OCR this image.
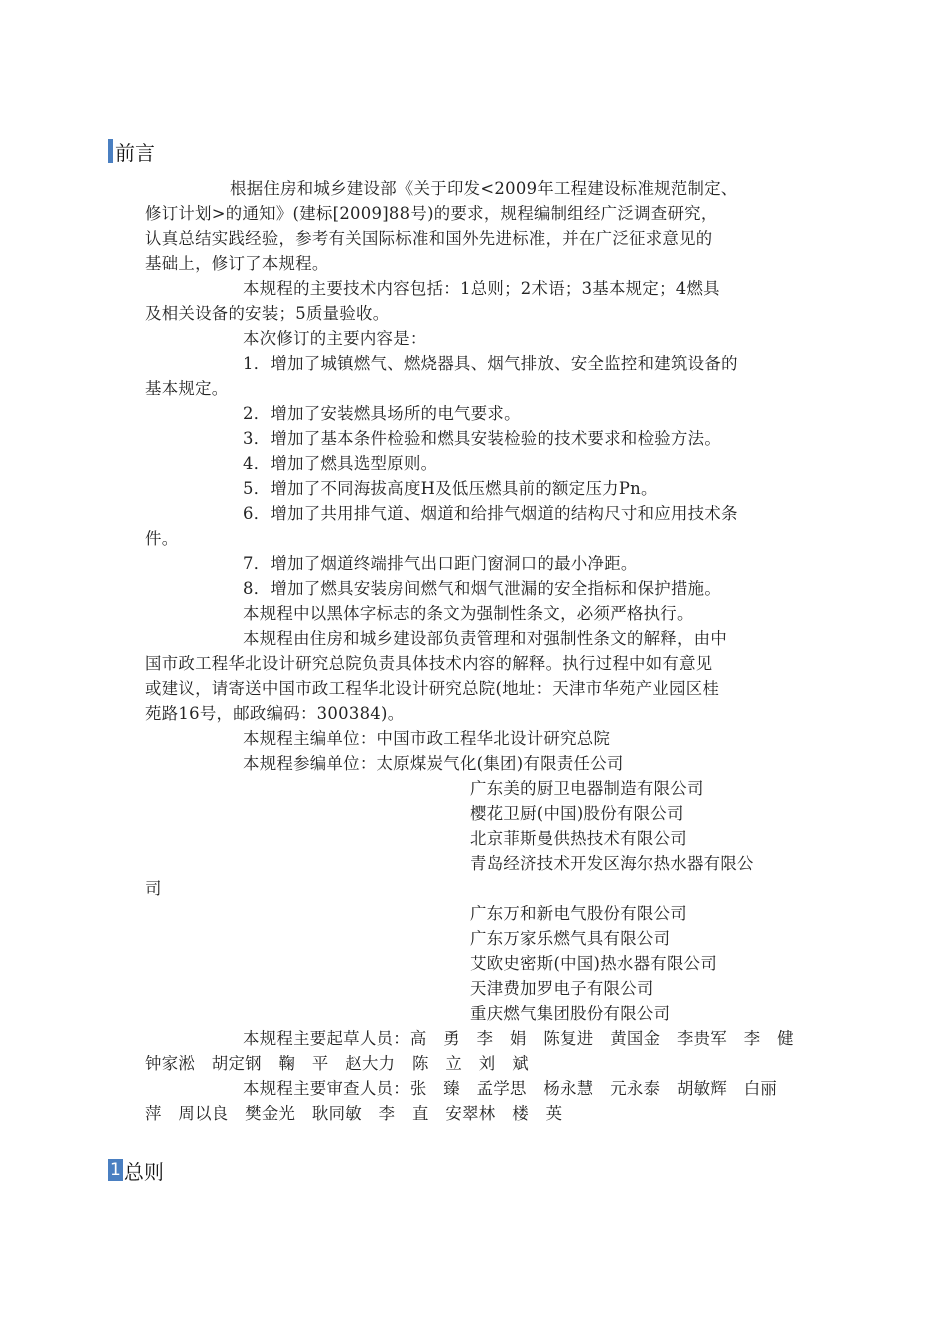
前言
根据住房和城乡建设部《关于印发<2009年工程建设标准规范制定、
修订计划>的通知》(建标[2009]88号)的要求，规程编制组经广泛调查研究，
认真总结实践经验，参考有关国际标准和国外先进标准，并在广泛征求意见的
基础上，修订了本规程。
本规程的主要技术内容包括：1总则；2术语；3基本规定；4燃具
及相关设备的安装；5质量验收。
本次修订的主要内容是：
1．增加了城镇燃气、燃烧器具、烟气排放、安全监控和建筑设备的
基本规定。
2．增加了安装燃具场所的电气要求。
3．增加了基本条件检验和燃具安装检验的技术要求和检验方法。
4．增加了燃具选型原则。
5．增加了不同海拔高度H及低压燃具前的额定压力Pn。
6．增加了共用排气道、烟道和给排气烟道的结构尺寸和应用技术条
件。
7．增加了烟道终端排气出口距门窗洞口的最小净距。
8．增加了燃具安装房间燃气和烟气泄漏的安全指标和保护措施。
本规程中以黑体字标志的条文为强制性条文，必须严格执行。
本规程由住房和城乡建设部负责管理和对强制性条文的解释，由中
国市政工程华北设计研究总院负责具体技术内容的解释。执行过程中如有意见
或建议，请寄送中国市政工程华北设计研究总院(地址：天津市华苑产业园区桂
苑路16号，邮政编码：300384)。
本规程主编单位：中国市政工程华北设计研究总院
本规程参编单位：太原煤炭气化(集团)有限责任公司
广东美的厨卫电器制造有限公司
樱花卫厨(中国)股份有限公司
北京菲斯曼供热技术有限公司
青岛经济技术开发区海尔热水器有限公
司
广东万和新电气股份有限公司
广东万家乐燃气具有限公司
艾欧史密斯(中国)热水器有限公司
天津费加罗电子有限公司
重庆燃气集团股份有限公司
本规程主要起草人员：高　勇　李　娟　陈复进　黄国金　李贵军　李　健
钟家淞　胡定钢　鞠　平　赵大力　陈　立　刘　斌
本规程主要审查人员：张　臻　孟学思　杨永慧　元永泰　胡敏辉　白丽
萍　周以良　樊金光　耿同敏　李　直　安翠林　楼　英
1 总则
